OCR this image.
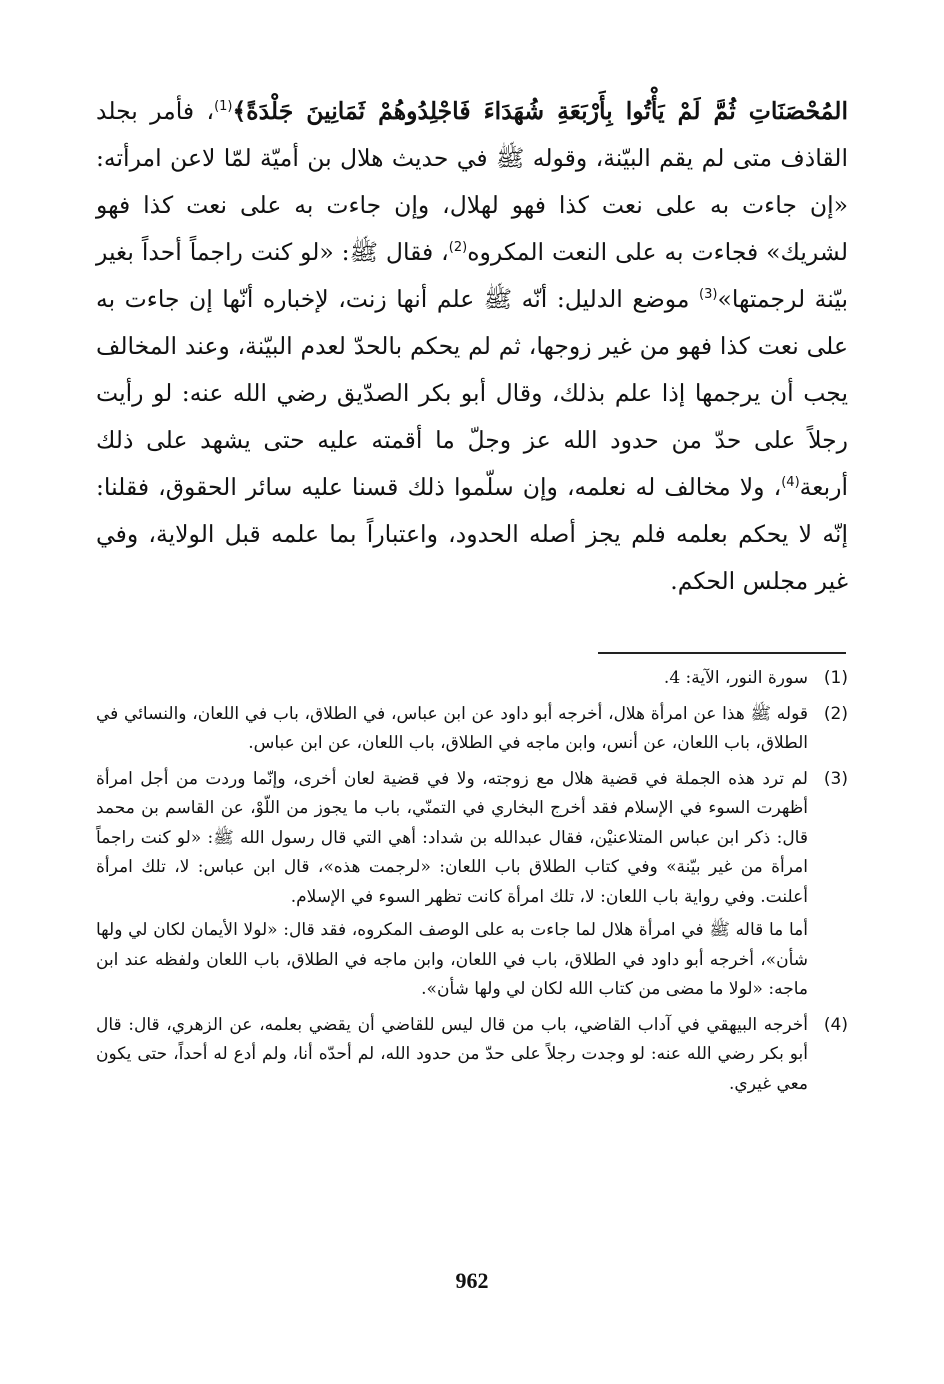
المُحْصَنَاتِ ثُمَّ لَمْ يَأْتُوا بِأَرْبَعَةِ شُهَدَاءَ فَاجْلِدُوهُمْ ثَمَانِينَ جَلْدَةً﴾$^{(1)}$، فأمر بجلد القاذف متى لم يقم البيّنة، وقوله ﷺ في حديث هلال بن أميّة لمّا لاعن امرأته: «إن جاءت به على نعت كذا فهو لهلال، وإن جاءت به على نعت كذا فهو لشريك» فجاءت به على النعت المكروه$^{(2)}$، فقال ﷺ: «لو كنت راجماً أحداً بغير بيّنة لرجمتها»$^{(3)}$ موضع الدليل: أنّه ﷺ علم أنها زنت، لإخباره أنّها إن جاءت به على نعت كذا فهو من غير زوجها، ثم لم يحكم بالحدّ لعدم البيّنة، وعند المخالف يجب أن يرجمها إذا علم بذلك، وقال أبو بكر الصدّيق رضي الله عنه: لو رأيت رجلاً على حدّ من حدود الله عز وجلّ ما أقمته عليه حتى يشهد على ذلك أربعة$^{(4)}$، ولا مخالف له نعلمه، وإن سلّموا ذلك قسنا عليه سائر الحقوق، فقلنا: إنّه لا يحكم بعلمه فلم يجز أصله الحدود، واعتباراً بما علمه قبل الولاية، وفي غير مجلس الحكم.
(1)

سورة النور، الآية: 4.

(2)

قوله ﷺ هذا عن امرأة هلال، أخرجه أبو داود عن ابن عباس، في الطلاق، باب في اللعان، والنسائي في الطلاق، باب اللعان، عن أنس، وابن ماجه في الطلاق، باب اللعان، عن ابن عباس.

(3)

لم ترد هذه الجملة في قضية هلال مع زوجته، ولا في قضية لعان أخرى، وإنّما وردت من أجل امرأة أظهرت السوء في الإسلام فقد أخرج البخاري في التمنّي، باب ما يجوز من اللّوْ، عن القاسم بن محمد قال: ذكر ابن عباس المتلاعنيْن، فقال عبدالله بن شداد: أهي التي قال رسول الله ﷺ: «لو كنت راجماً امرأة من غير بيّنة» وفي كتاب الطلاق باب اللعان: «لرجمت هذه»، قال ابن عباس: لا، تلك امرأة أعلنت. وفي رواية باب اللعان: لا، تلك امرأة كانت تظهر السوء في الإسلام.

أما ما قاله ﷺ في امرأة هلال لما جاءت به على الوصف المكروه، فقد قال: «لولا الأيمان لكان لي ولها شأن»، أخرجه أبو داود في الطلاق، باب في اللعان، وابن ماجه في الطلاق، باب اللعان ولفظه عند ابن ماجه: «لولا ما مضى من كتاب الله لكان لي ولها شأن».

(4)

أخرجه البيهقي في آداب القاضي، باب من قال ليس للقاضي أن يقضي بعلمه، عن الزهري، قال: قال أبو بكر رضي الله عنه: لو وجدت رجلاً على حدّ من حدود الله، لم أحدّه أنا، ولم أدع له أحداً، حتى يكون معي غيري.

962
